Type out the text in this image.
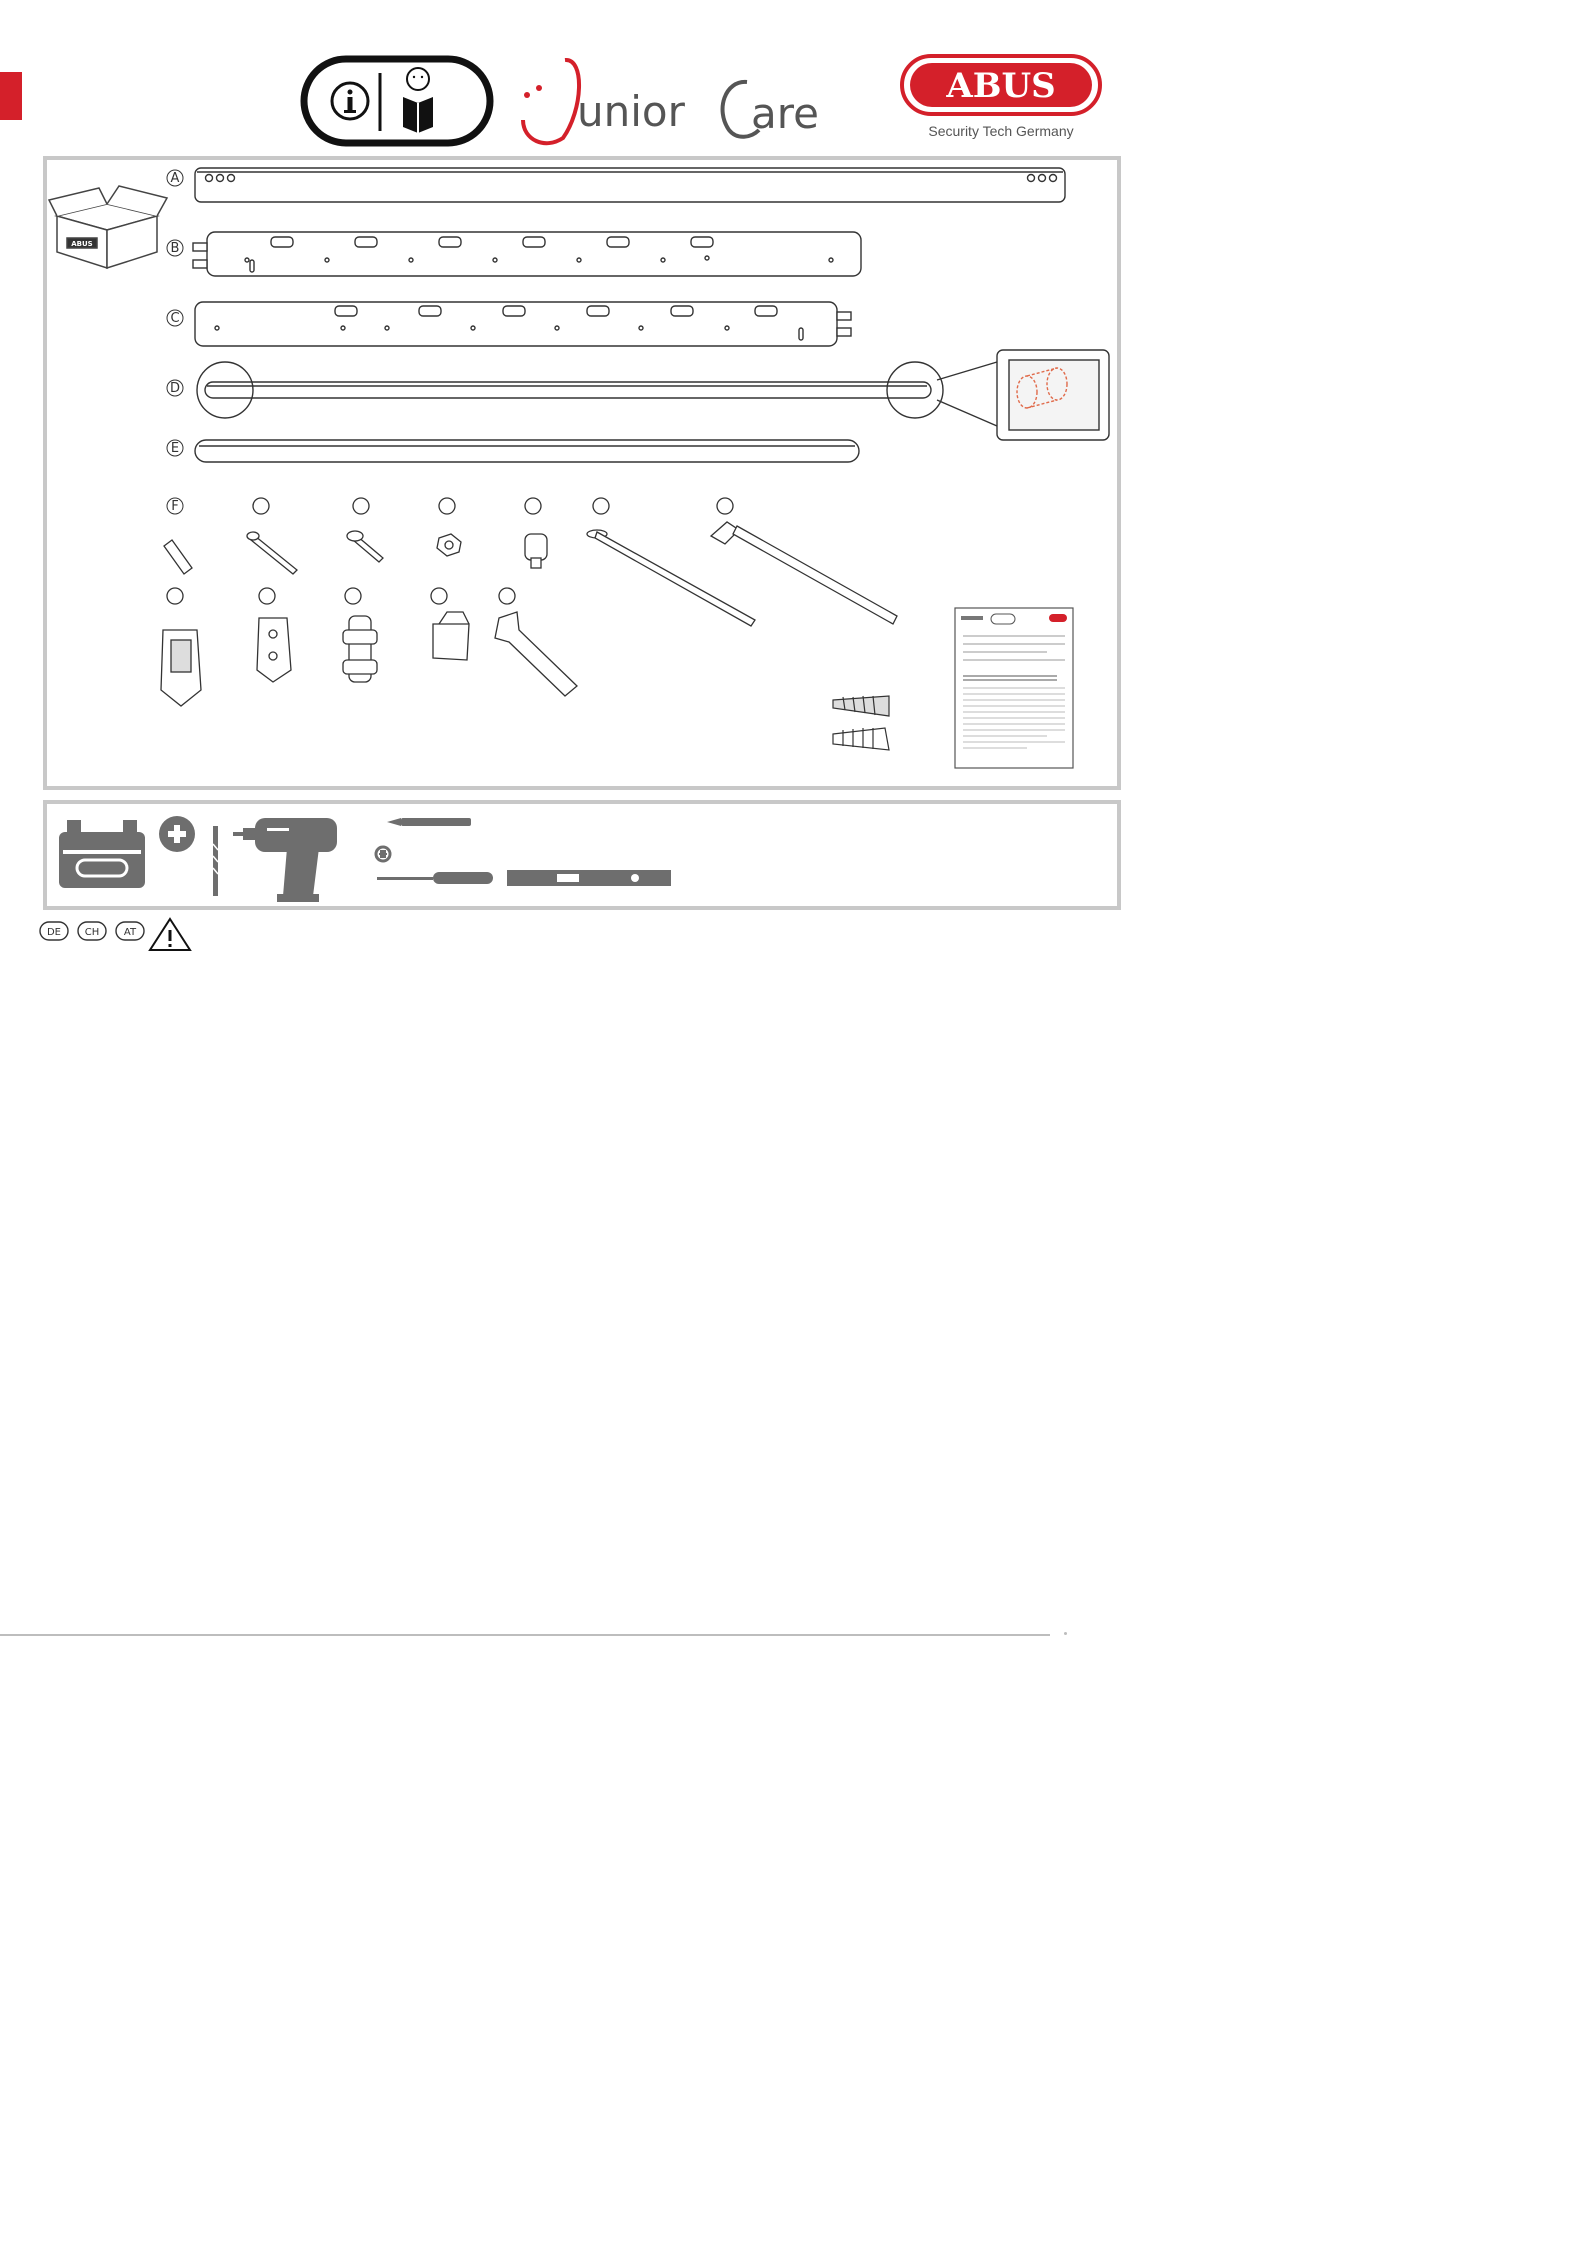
unior are
ABUS
Security Tech Germany
ABUS
A
B
C
D
E
F
DE CH AT
